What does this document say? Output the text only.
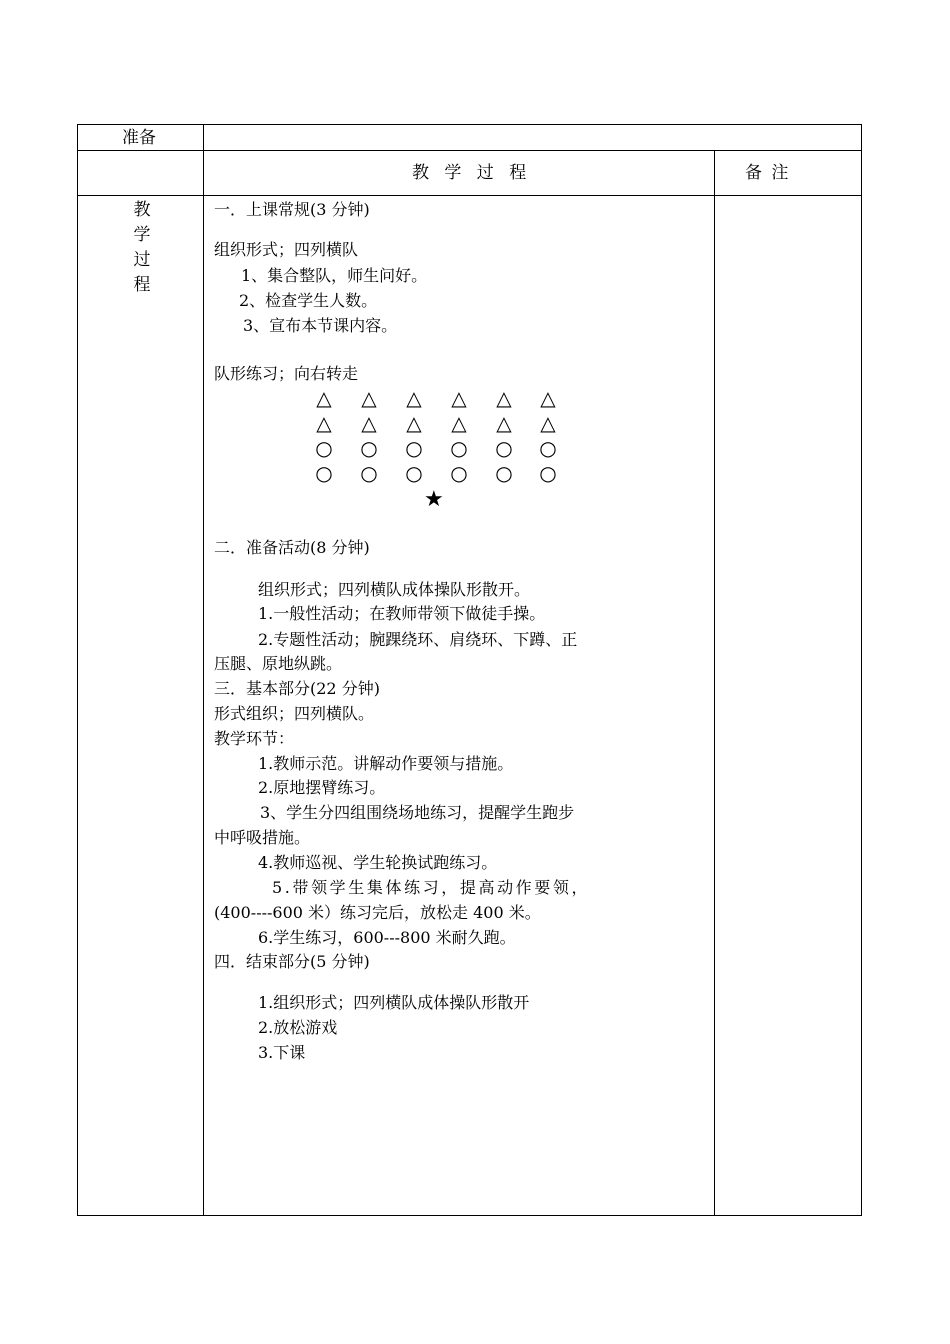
准备
教 学 过 程	备 注
教
学
过
程
一．上课常规(3 分钟)
组织形式；四列横队
1、集合整队，师生问好。
2、检查学生人数。
3、宣布本节课内容。
队形练习；向右转走
△ △ △ △ △ △
△ △ △ △ △ △
○ ○ ○ ○ ○ ○
○ ○ ○ ○ ○ ○
★
二．准备活动(8 分钟)
组织形式；四列横队成体操队形散开。
1.一般性活动；在教师带领下做徒手操。
2.专题性活动；腕踝绕环、肩绕环、下蹲、正
压腿、原地纵跳。
三．基本部分(22 分钟)
形式组织；四列横队。
教学环节：
1.教师示范。讲解动作要领与措施。
2.原地摆臂练习。
3、学生分四组围绕场地练习，提醒学生跑步
中呼吸措施。
4.教师巡视、学生轮换试跑练习。
5.带领学生集体练习，提高动作要领，
(400----600 米）练习完后，放松走 400 米。
6.学生练习，600---800 米耐久跑。
四．结束部分(5 分钟)
1.组织形式；四列横队成体操队形散开
2.放松游戏
3.下课
